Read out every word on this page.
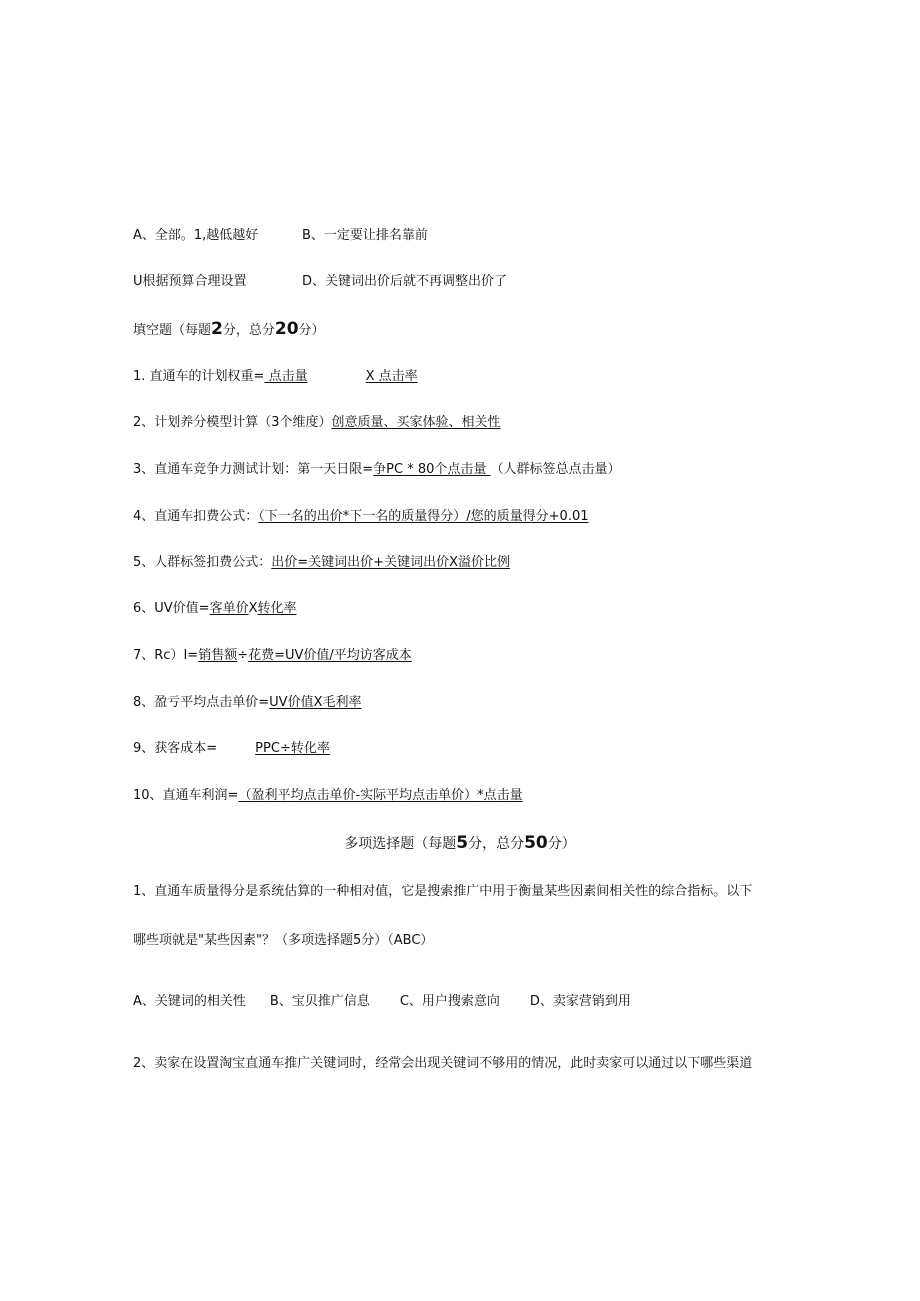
A、全部。1,越低越好	B、一定要让排名靠前
U根据预算合理设置	D、关键词出价后就不再调整出价了
填空题（每题2分，总分20分）
1. 直通车的计划权重= 点击量	X 点击率
2、计划养分模型计算（3个维度）创意质量、买家体验、相关性
3、直通车竞争力测试计划：第一天日限=争PC * 80个点击量 （人群标签总点击量）
4、直通车扣费公式：（下一名的出价*下一名的质量得分）/您的质量得分+0.01
5、人群标签扣费公式：出价=关键词出价+关键词出价X溢价比例
6、UV价值=客单价X转化率
7、Rc）I=销售额÷花费=UV价值/平均访客成本
8、盈亏平均点击单价=UV价值X毛利率
9、获客成本=	PPC÷转化率
10、直通车利润=（盈利平均点击单价-实际平均点击单价）*点击量
多项选择题（每题5分，总分50分）
1、直通车质量得分是系统估算的一种相对值，它是搜索推广中用于衡量某些因素间相关性的综合指标。以下
哪些项就是"某些因素"？（多项选择题5分）（ABC）
A、关键词的相关性 B、宝贝推广信息 C、用户搜索意向 D、卖家营销到用
2、卖家在设置淘宝直通车推广关键词时，经常会出现关键词不够用的情况，此时卖家可以通过以下哪些渠道
